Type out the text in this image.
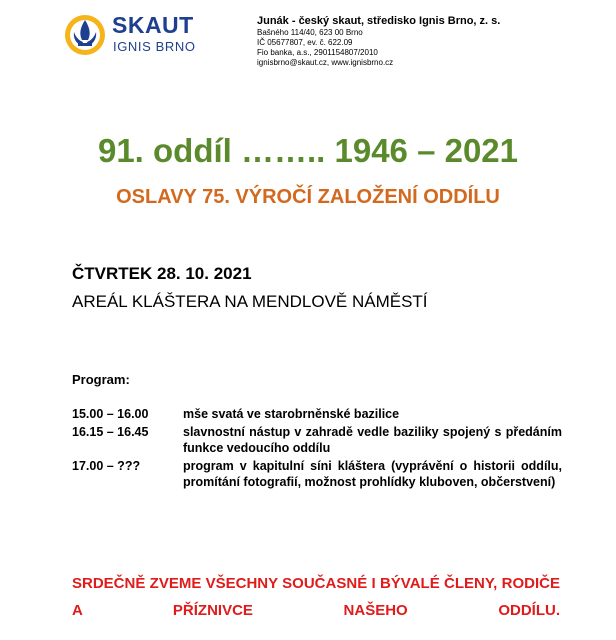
SKAUT
IGNIS BRNO
Junák - český skaut, středisko Ignis Brno, z. s.
Bašného 114/40, 623 00 Brno
IČ 05677807, ev. č. 622.09
Fio banka, a.s., 2901154807/2010
ignisbrno@skaut.cz, www.ignisbrno.cz
91. oddíl …….. 1946 – 2021
OSLAVY 75. VÝROČÍ ZALOŽENÍ ODDÍLU
ČTVRTEK 28. 10. 2021
AREÁL KLÁŠTERA NA MENDLOVĚ NÁMĚSTÍ
Program:
15.00 – 16.00	mše svatá ve starobrněnské bazilice
16.15 – 16.45	slavnostní nástup v zahradě vedle baziliky spojený s předáním funkce vedoucího oddílu
17.00 – ???	program v kapitulní síni kláštera (vyprávění o historii oddílu, promítání fotografií, možnost prohlídky kluboven, občerstvení)
SRDEČNĚ ZVEME VŠECHNY SOUČASNÉ I BÝVALÉ ČLENY, RODIČE A PŘÍZNIVCE NAŠEHO ODDÍLU.
